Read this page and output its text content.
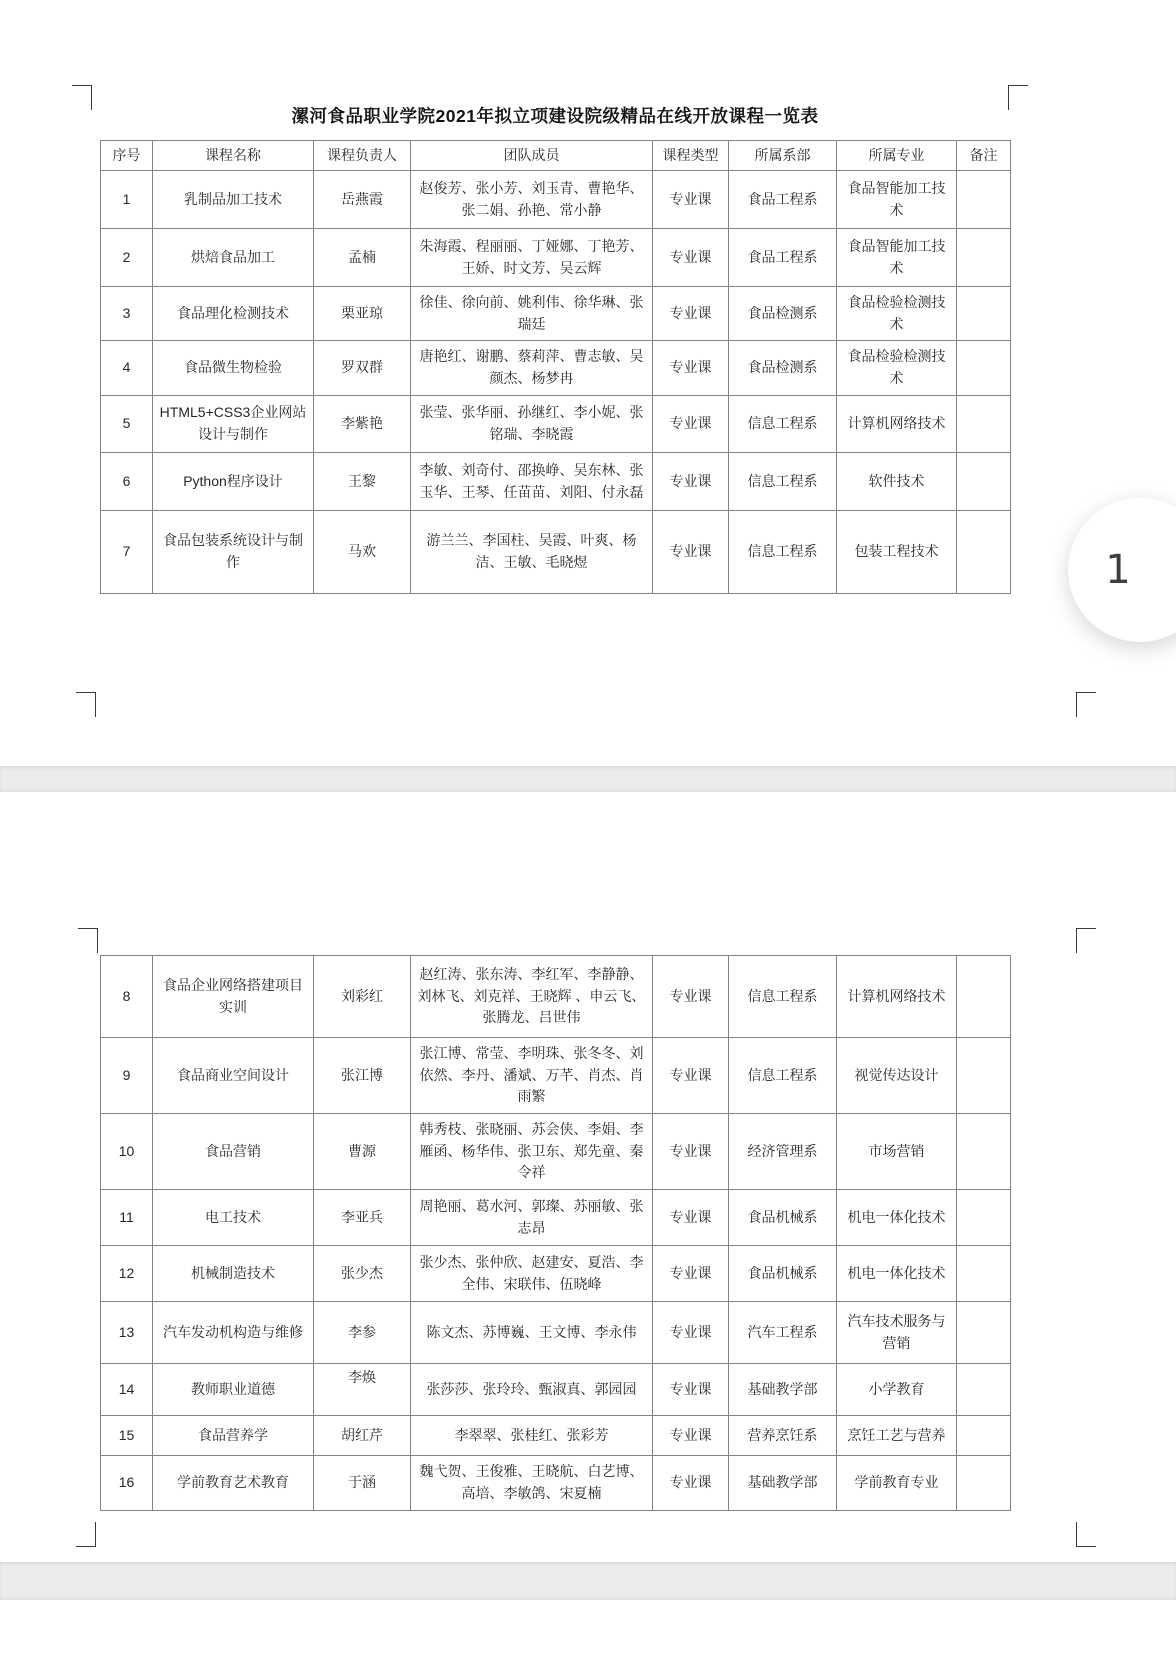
漯河食品职业学院2021年拟立项建设院级精品在线开放课程一览表
序号	课程名称	课程负责人	团队成员	课程类型	所属系部	所属专业	备注
1	乳制品加工技术	岳燕霞	赵俊芳、张小芳、刘玉青、曹艳华、张二娟、孙艳、常小静	专业课	食品工程系	食品智能加工技术	
2	烘焙食品加工	孟楠	朱海霞、程丽丽、丁娅娜、丁艳芳、王娇、时文芳、吴云辉	专业课	食品工程系	食品智能加工技术	
3	食品理化检测技术	栗亚琼	徐佳、徐向前、姚利伟、徐华琳、张瑞廷	专业课	食品检测系	食品检验检测技术	
4	食品微生物检验	罗双群	唐艳红、谢鹏、蔡莉萍、曹志敏、吴颜杰、杨梦冉	专业课	食品检测系	食品检验检测技术	
5	HTML5+CSS3企业网站设计与制作	李紫艳	张莹、张华丽、孙继红、李小妮、张铭瑞、李晓霞	专业课	信息工程系	计算机网络技术	
6	Python程序设计	王黎	李敏、刘奇付、邵换峥、吴东林、张玉华、王琴、任苗苗、刘阳、付永磊	专业课	信息工程系	软件技术	
7	食品包装系统设计与制作	马欢	游兰兰、李国柱、吴霞、叶爽、杨洁、王敏、毛晓煜	专业课	信息工程系	包装工程技术	
8	食品企业网络搭建项目实训	刘彩红	赵红涛、张东涛、李红军、李静静、刘林飞、刘克祥、王晓辉 、申云飞、张腾龙、吕世伟	专业课	信息工程系	计算机网络技术	
9	食品商业空间设计	张江博	张江博、常莹、李明珠、张冬冬、刘依然、李丹、潘斌、万芊、肖杰、肖雨繁	专业课	信息工程系	视觉传达设计	
10	食品营销	曹源	韩秀枝、张晓丽、苏会侠、李娟、李雁函、杨华伟、张卫东、郑先童、秦令祥	专业课	经济管理系	市场营销	
11	电工技术	李亚兵	周艳丽、葛水河、郭璨、苏丽敏、张志昂	专业课	食品机械系	机电一体化技术	
12	机械制造技术	张少杰	张少杰、张仲欣、赵建安、夏浩、李全伟、宋联伟、伍晓峰	专业课	食品机械系	机电一体化技术	
13	汽车发动机构造与维修	李参	陈文杰、苏博巍、王文博、李永伟	专业课	汽车工程系	汽车技术服务与营销	
14	教师职业道德	李焕	张莎莎、张玲玲、甄淑真、郭园园	专业课	基础教学部	小学教育	
15	食品营养学	胡红芹	李翠翠、张桂红、张彩芳	专业课	营养烹饪系	烹饪工艺与营养	
16	学前教育艺术教育	于涵	魏弋贺、王俊雅、王晓航、白艺博、高培、李敏鸽、宋夏楠	专业课	基础教学部	学前教育专业	
1
